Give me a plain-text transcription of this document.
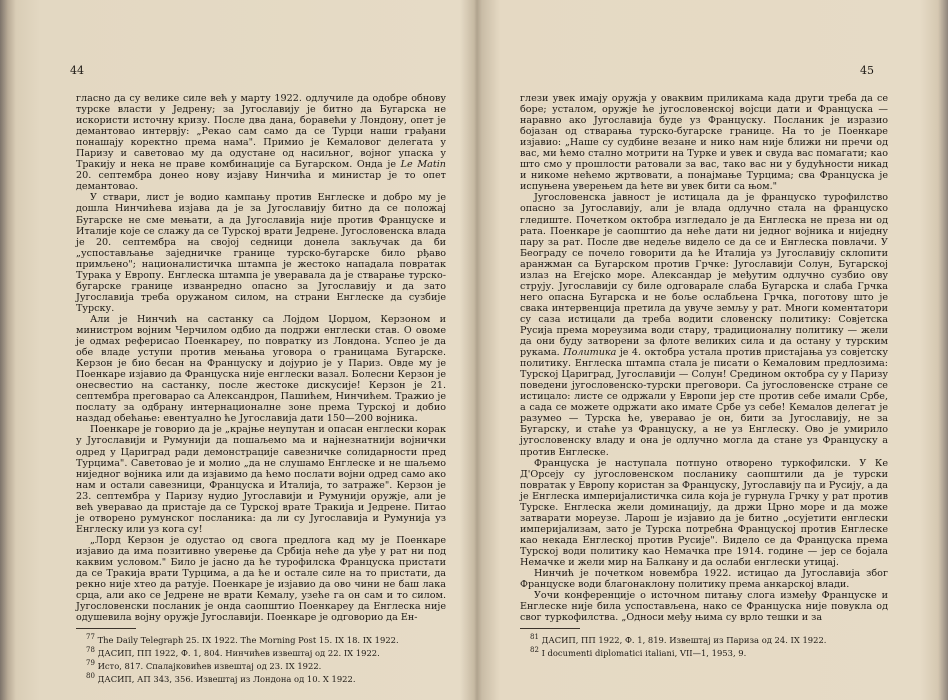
44

гласно да су велике силе већ у марту 1922. одлучиле да одобре обнову турске власти у Једрену; за Југославију је битно да Бугарска не искористи источну кризу. После два дана, боравећи у Лондону, опет је демантовао интервју: „Рекао сам само да се Турци наши грађани понашају коректно према нама". Примио је Кемаловог делегата у Паризу и саветовао му да одустане од насиљног, војног упаска у Тракију и нека не праве комбинације са Бугарском. Онда је Le Matin 20. септембра донео нову изјаву Нинчића и министар је то опет демантовао.

У ствари, лист је водио кампању против Енглеске и добро му је дошла Нинчићева изјава да је за Југославију битно да се положај Бугарске не сме мењати, а да Југославија није против Француске и Италије које се слажу да се Турској врати Једрене. Југословенска влада је 20. септембра на својој седници донела закључак да би „успостављање заједничке границе турско-бугарске било рђаво примљено"; националистичка штампа је жестоко нападала повратак Турака у Европу. Енглеска штампа је уверавала да је стварање турско-бугарске границе изванредно опасно за Југославију и да зато Југославија треба оружаном силом, на страни Енглеске да сузбије Турску.

Али је Нинчић на састанку са Лојдом Џорџом, Керзоном и министром војним Черчилом одбио да подржи енглески став. О овоме је одмах реферисао Поенкареу, по повратку из Лондона. Успео је да обе владе уступи против мењања уговора о границама Бугарске. Керзон је био бесан на Француску и дојурио је у Париз. Овде му је Поенкаре изјавио да Француска није енглески вазал. Болесни Керзон је онесвестио на састанку, после жестоке дискусије! Керзон је 21. септембра преговарао са Александрон, Пашићем, Нинчићем. Тражио је послату за одбрану интернационалне зоне према Турској и добио наздад обећање: евентуално ће Југославија дати 150—200 војника.

Поенкаре је говорио да је „крајње неупутан и опасан енглески корак у Југославији и Румунији да пошаљемо ма и најнезнатнији војнички одред у Цариград ради демонстрације савезничке солидарности пред Турцима". Саветовао је и молио „да не слушамо Енглеске и не шаљемо ниједног војника или да изјавимо да ћемо послати војни одред само ако нам и остали савезници, Француска и Италија, то затраже". Керзон је 23. септембра у Паризу нудио Југославији и Румунији оружје, али је већ уверавао да пристаје да се Турској врате Тракија и Једрене. Питао је отворено румунског посланика: да ли су Југославија и Румунија уз Енглеску или уз кога су!

„Лорд Керзон је одустао од свога предлога кад му је Поенкаре изјавио да има позитивно уверење да Србија неће да уђе у рат ни под каквим условом." Било је јасно да ће турофилска Француска пристати да се Тракија врати Турцима, а да ће и остале силе на то пристати, да рекно није хтео да ратује. Поенкаре је изјавио да ово чини не баш лака срца, али ако се Једрене не врати Кемалу, узеће га он сам и то силом. Југословенски посланик је онда саопштио Поенкареу да Енглеска није одушевила војну оружје Југославији. Поенкаре је одговорио да Ен-

$^{77}$ The Daily Telegraph 25. IX 1922. The Morning Post 15. IX 18. IX 1922.

$^{78}$ ДАСИП, ПП 1922, Ф. 1, 804. Нинчићев извештај од 22. IX 1922.

$^{79}$ Исто, 817. Спалајковићев извештај од 23. IX 1922.

$^{80}$ ДАСИП, АП 343, 356. Извештај из Лондона од 10. X 1922.

45

глези увек имају оружја у оваквим приликама када други треба да се боре; усталом, оружје ће југословенској војсци дати и Француска — наравно ако Југославија буде уз Француску. Посланик је изразио бојазан од стварања турско-бугарске границе. На то је Поенкаре изјавио: „Наше су судбине везане и нико нам није ближи ни пречи од вас, ми ћемо стално мотрити на Турке и увек и свуда вас помагати; као што смо у прошлости ратовали за вас, тако вас ни у будућности никад и никоме нећемо жртвовати, а понајмање Турцима; сва Француска је испуњена уверењем да ћете ви увек бити са њом."

Југословенска јавност је истицала да је француско турофилство опасно за Југославију, али је влада одлучно стала на француско гледиште. Почетком октобра изгледало је да Енглеска не преза ни од рата. Поенкаре је саопштио да неће дати ни једног војника и ниједну пару за рат. После две недеље видело се да се и Енглеска повлачи. У Београду се почело говорити да ће Италија уз Југославију склопити аранжман са Бугарском против Грчке: Југославији Солун, Бугарској излаз на Егејско море. Александар је међутим одлучно сузбио ову струју. Југославији су биле одговарале слаба Бугарска и слаба Грчка него опасна Бугарска и не боље ослабљена Грчка, поготову што је свака интервенција претила да увуче земљу у рат. Многи коментатори су саза истицали да треба водити словенску политику: Совјетска Русија према мореузима води стару, традиционалну политику — жели да они буду затворени за флоте великих сила и да остану у турским рукама. Политика је 4. октобра устала против пристајања уз совјетску политику. Енглеска штампа стала је писати о Кемаловим предлозима: Турској Цариград, Југославији — Солун! Средином октобра су у Паризу поведени југословенско-турски преговори. Са југословенске стране се истицало: листе се одржали у Европи јер сте против себе имали Србе, а сада се можете одржати ако имате Србе уз себе! Кемалов делегат је разумео — Турска ће, уверавао је он, бити за Југославију, не за Бугарску, и стаће уз Француску, а не уз Енглеску. Ово је умирило југословенску владу и она је одлучно могла да стане уз Француску а против Енглеске.

Француска је наступала потпуно отворено туркофилски. У Ке Д'Орсеју су југословенском посланику саопштили да је турски повратак у Европу користан за Француску, Југославију па и Русију, а да је Енглеска империјалистичка сила која је гурнула Грчку у рат против Турске. Енглеска жели доминацију, да држи Црно море и да може затварати мореузе. Ларош је изјавио да је битно „осујетити енглески империјализам, зато је Турска потребна Француској против Енглеске као некада Енглеској против Русије". Видело се да Француска према Турској води политику као Немачка пре 1914. године — јер се бојала Немачке и жели мир на Балкану и да ослаби енглески утицај.

Нинчић је почетком новембра 1922. истицао да Југославија због Француске води благонаклону политику према анкарској влади.

Уочи конференције о источном питању слога између Француске и Енглеске није била успостављена, нако се Француска није повукла од свог туркофилства. „Односи међу њима су врло тешки и за

$^{81}$ ДАСИП, ПП 1922, Ф. 1, 819. Извештај из Париза од 24. IX 1922.

$^{82}$ I documenti diplomatici italiani, VII—1, 1953, 9.
